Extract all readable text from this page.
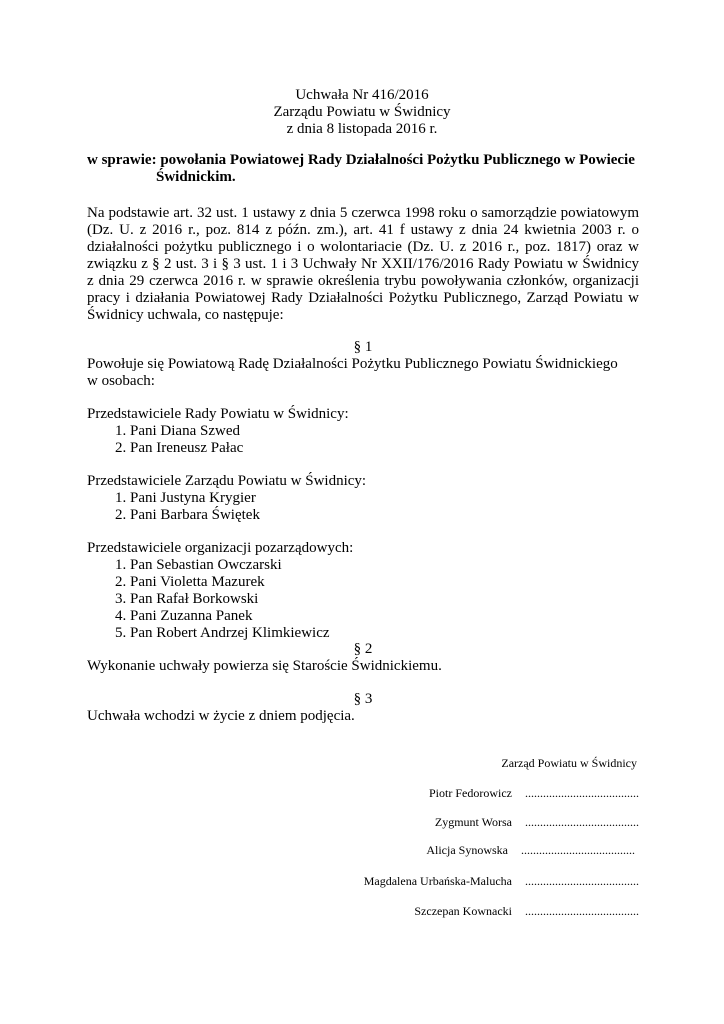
Uchwała Nr 416/2016
Zarządu Powiatu w Świdnicy
z dnia 8 listopada 2016 r.
w sprawie: powołania Powiatowej Rady Działalności Pożytku Publicznego w Powiecie
Świdnickim.
Na podstawie art. 32 ust. 1 ustawy z dnia 5 czerwca 1998 roku o samorządzie powiatowym (Dz. U. z 2016 r., poz. 814 z późn. zm.), art. 41 f ustawy z dnia 24 kwietnia 2003 r. o działalności pożytku publicznego i o wolontariacie (Dz. U. z 2016 r., poz. 1817) oraz w związku z § 2 ust. 3 i § 3 ust. 1 i 3 Uchwały Nr XXII/176/2016 Rady Powiatu w Świdnicy z dnia 29 czerwca 2016 r. w sprawie określenia trybu powoływania członków, organizacji pracy i działania Powiatowej Rady Działalności Pożytku Publicznego, Zarząd Powiatu w Świdnicy uchwala, co następuje:
§ 1
Powołuje się Powiatową Radę Działalności Pożytku Publicznego Powiatu Świdnickiego
w osobach:
Przedstawiciele Rady Powiatu w Świdnicy:
1. Pani Diana Szwed
2. Pan Ireneusz Pałac
Przedstawiciele Zarządu Powiatu w Świdnicy:
1. Pani Justyna Krygier
2. Pani Barbara Świętek
Przedstawiciele organizacji pozarządowych:
1. Pan Sebastian Owczarski
2. Pani Violetta Mazurek
3. Pan Rafał Borkowski
4. Pani Zuzanna Panek
5. Pan Robert Andrzej Klimkiewicz
§ 2
Wykonanie uchwały powierza się Staroście Świdnickiemu.
§ 3
Uchwała wchodzi w życie z dniem podjęcia.
Zarząd Powiatu w Świdnicy
Piotr Fedorowicz ......................................
Zygmunt Worsa ......................................
Alicja Synowska ......................................
Magdalena Urbańska-Malucha ......................................
Szczepan Kownacki ......................................
